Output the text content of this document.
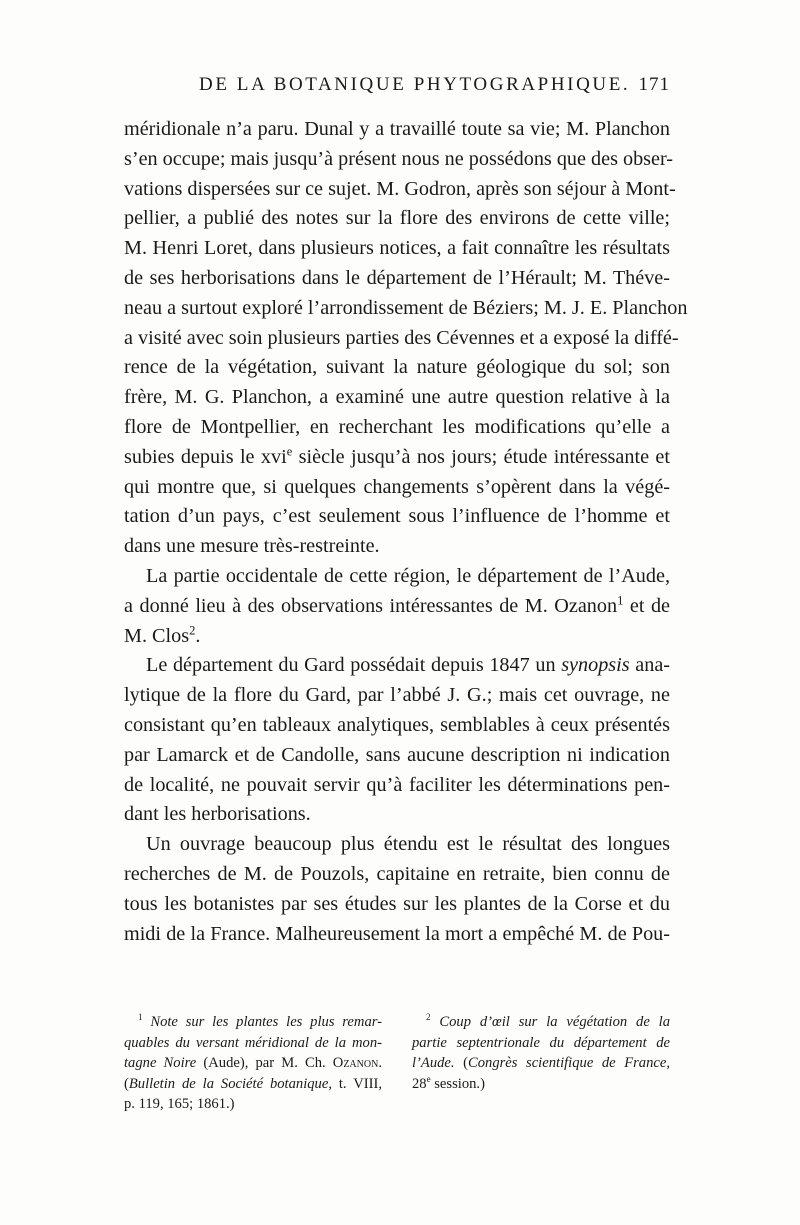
DE LA BOTANIQUE PHYTOGRAPHIQUE. 171
méridionale n’a paru. Dunal y a travaillé toute sa vie; M. Planchon
s’en occupe; mais jusqu’à présent nous ne possédons que des obser-
vations dispersées sur ce sujet. M. Godron, après son séjour à Mont-
pellier, a publié des notes sur la flore des environs de cette ville;
M. Henri Loret, dans plusieurs notices, a fait connaître les résultats
de ses herborisations dans le département de l’Hérault; M. Théve-
neau a surtout exploré l’arrondissement de Béziers; M. J. E. Planchon
a visité avec soin plusieurs parties des Cévennes et a exposé la diffé-
rence de la végétation, suivant la nature géologique du sol; son
frère, M. G. Planchon, a examiné une autre question relative à la
flore de Montpellier, en recherchant les modifications qu’elle a
subies depuis le xvi$^e$ siècle jusqu’à nos jours; étude intéressante et
qui montre que, si quelques changements s’opèrent dans la végé-
tation d’un pays, c’est seulement sous l’influence de l’homme et
dans une mesure très-restreinte.
La partie occidentale de cette région, le département de l’Aude,
a donné lieu à des observations intéressantes de M. Ozanon$^1$ et de
M. Clos$^2$.
Le département du Gard possédait depuis 1847 un synopsis ana-
lytique de la flore du Gard, par l’abbé J. G.; mais cet ouvrage, ne
consistant qu’en tableaux analytiques, semblables à ceux présentés
par Lamarck et de Candolle, sans aucune description ni indication
de localité, ne pouvait servir qu’à faciliter les déterminations pen-
dant les herborisations.
Un ouvrage beaucoup plus étendu est le résultat des longues
recherches de M. de Pouzols, capitaine en retraite, bien connu de
tous les botanistes par ses études sur les plantes de la Corse et du
midi de la France. Malheureusement la mort a empêché M. de Pou-
$^1$ Note sur les plantes les plus remar-
quables du versant méridional de la mon-
tagne Noire (Aude), par M. Ch. Ozanon.
(Bulletin de la Société botanique, t. VIII,
p. 119, 165; 1861.)
$^2$ Coup d’œil sur la végétation de la
partie septentrionale du département de
l’Aude. (Congrès scientifique de France,
28e session.)
